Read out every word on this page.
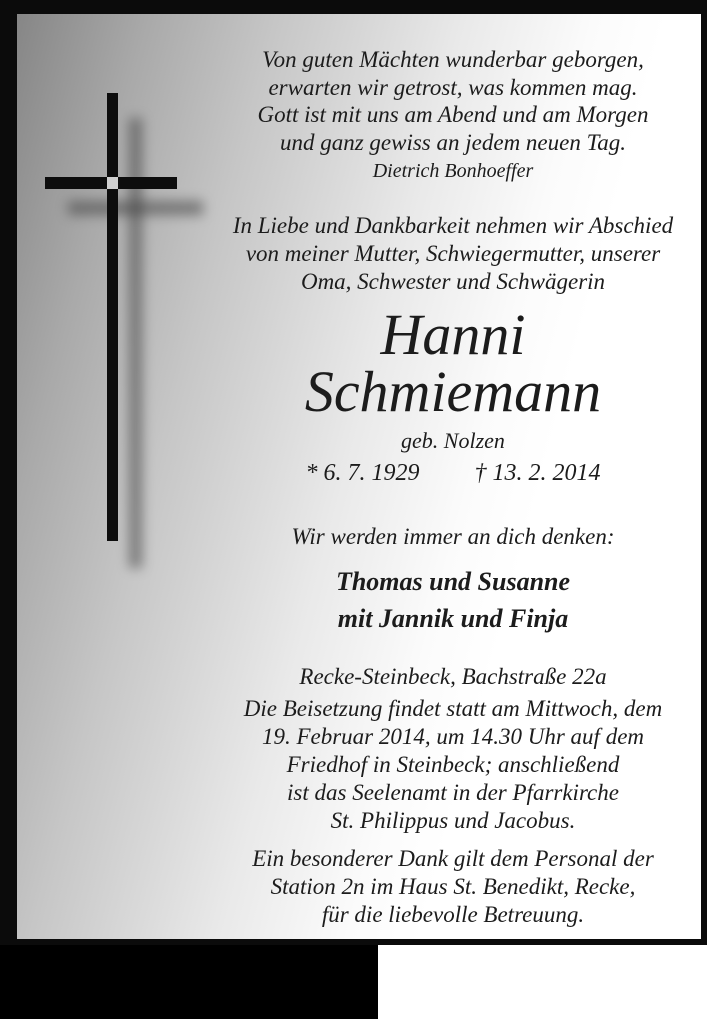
Von guten Mächten wunderbar geborgen,
erwarten wir getrost, was kommen mag.
Gott ist mit uns am Abend und am Morgen
und ganz gewiss an jedem neuen Tag.
Dietrich Bonhoeffer
In Liebe und Dankbarkeit nehmen wir Abschied
von meiner Mutter, Schwiegermutter, unserer
Oma, Schwester und Schwägerin
Hanni
Schmiemann
geb. Nolzen
* 6. 7. 1929 † 13. 2. 2014
Wir werden immer an dich denken:
Thomas und Susanne
mit Jannik und Finja
Recke-Steinbeck, Bachstraße 22a
Die Beisetzung findet statt am Mittwoch, dem
19. Februar 2014, um 14.30 Uhr auf dem
Friedhof in Steinbeck; anschließend
ist das Seelenamt in der Pfarrkirche
St. Philippus und Jacobus.
Ein besonderer Dank gilt dem Personal der
Station 2n im Haus St. Benedikt, Recke,
für die liebevolle Betreuung.
